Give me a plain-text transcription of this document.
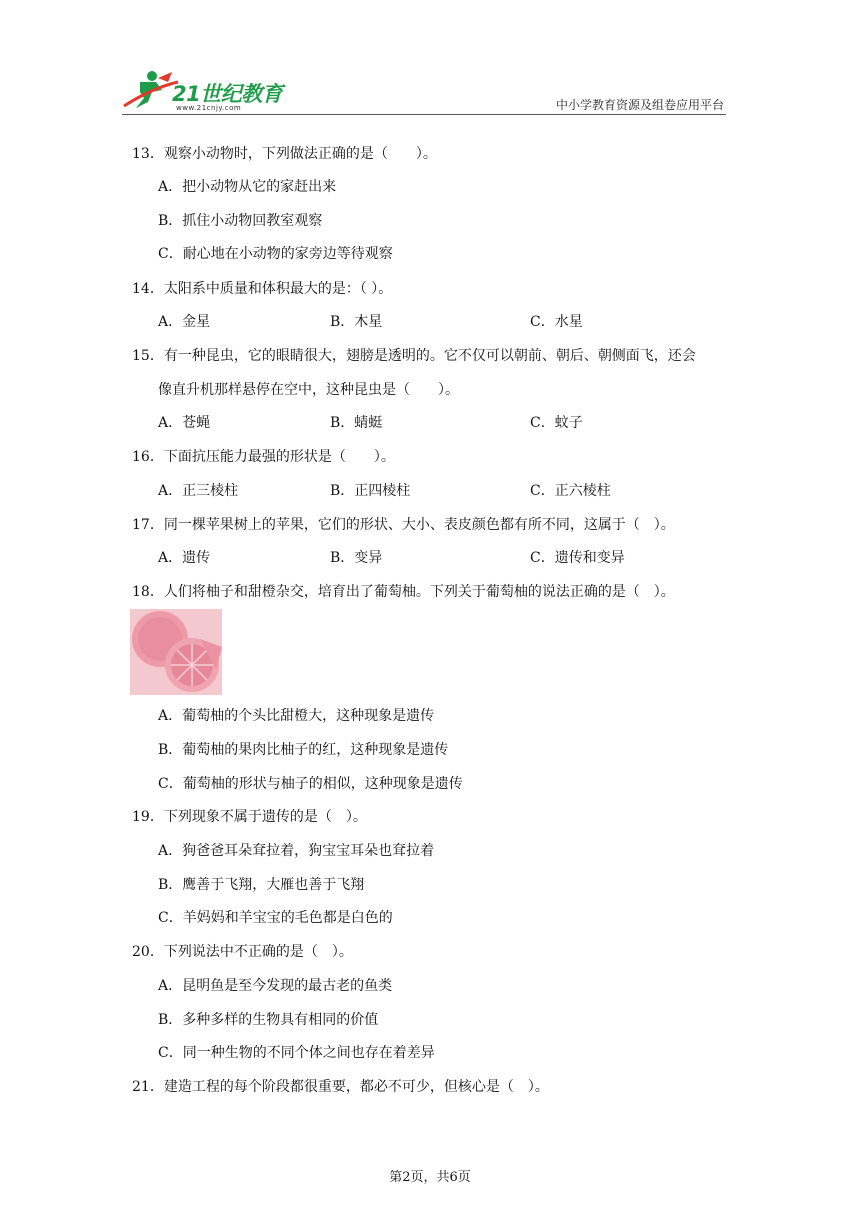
21世纪教育
www.21cnjy.com	中小学教育资源及组卷应用平台
13．观察小动物时，下列做法正确的是（　　）。
A．把小动物从它的家赶出来
B．抓住小动物回教室观察
C．耐心地在小动物的家旁边等待观察
14．太阳系中质量和体积最大的是：（ ）。
A．金星	B．木星	C．水星
15．有一种昆虫，它的眼睛很大，翅膀是透明的。它不仅可以朝前、朝后、朝侧面飞，还会
像直升机那样悬停在空中，这种昆虫是（　　）。
A．苍蝇	B．蜻蜓	C．蚊子
16．下面抗压能力最强的形状是（　　）。
A．正三棱柱	B．正四棱柱	C．正六棱柱
17．同一棵苹果树上的苹果，它们的形状、大小、表皮颜色都有所不同，这属于（　）。
A．遗传	B．变异	C．遗传和变异
18．人们将柚子和甜橙杂交，培育出了葡萄柚。下列关于葡萄柚的说法正确的是（　）。
A．葡萄柚的个头比甜橙大，这种现象是遗传
B．葡萄柚的果肉比柚子的红，这种现象是遗传
C．葡萄柚的形状与柚子的相似，这种现象是遗传
19．下列现象不属于遗传的是（　）。
A．狗爸爸耳朵耷拉着，狗宝宝耳朵也耷拉着
B．鹰善于飞翔，大雁也善于飞翔
C．羊妈妈和羊宝宝的毛色都是白色的
20．下列说法中不正确的是（　）。
A．昆明鱼是至今发现的最古老的鱼类
B．多种多样的生物具有相同的价值
C．同一种生物的不同个体之间也存在着差异
21．建造工程的每个阶段都很重要，都必不可少，但核心是（　）。
第2页，共6页
